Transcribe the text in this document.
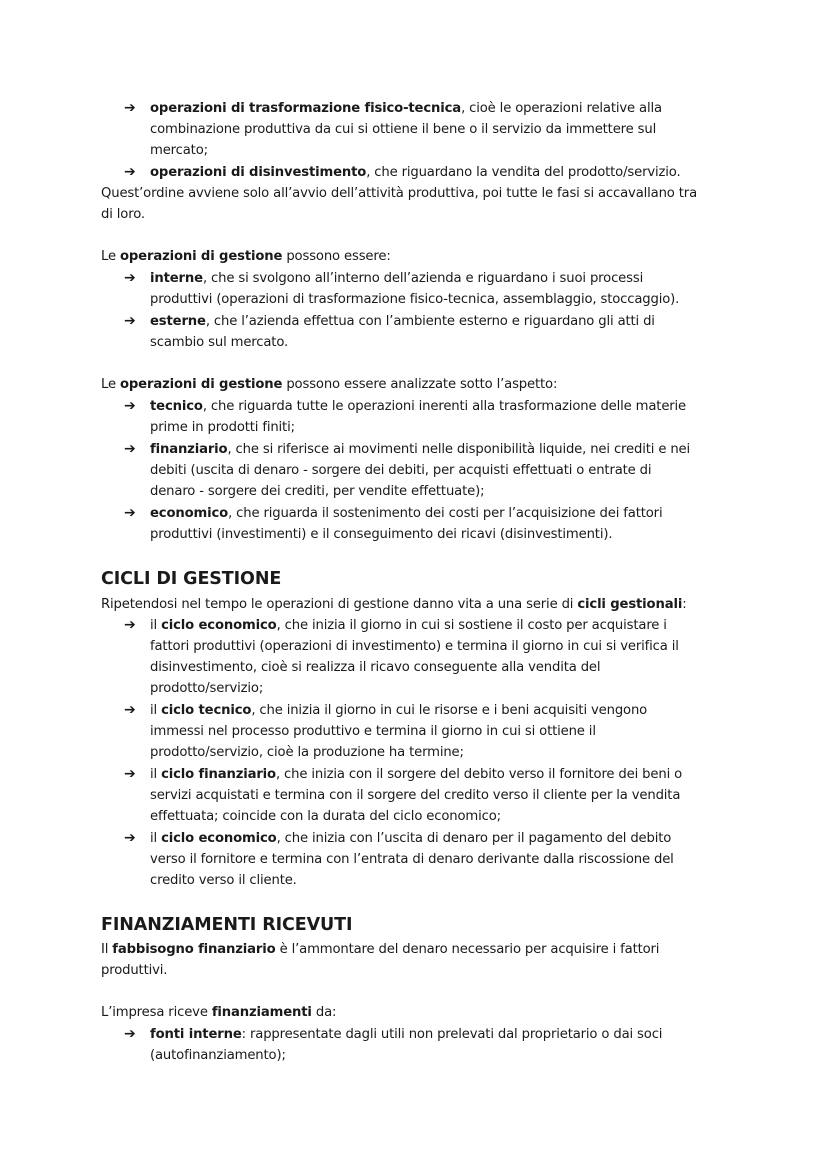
➔ operazioni di trasformazione fisico-tecnica, cioè le operazioni relative alla
combinazione produttiva da cui si ottiene il bene o il servizio da immettere sul
mercato;
➔ operazioni di disinvestimento, che riguardano la vendita del prodotto/servizio.
Quest’ordine avviene solo all’avvio dell’attività produttiva, poi tutte le fasi si accavallano tra
di loro.
Le operazioni di gestione possono essere:
➔ interne, che si svolgono all’interno dell’azienda e riguardano i suoi processi
produttivi (operazioni di trasformazione fisico-tecnica, assemblaggio, stoccaggio).
➔ esterne, che l’azienda effettua con l’ambiente esterno e riguardano gli atti di
scambio sul mercato.
Le operazioni di gestione possono essere analizzate sotto l’aspetto:
➔ tecnico, che riguarda tutte le operazioni inerenti alla trasformazione delle materie
prime in prodotti finiti;
➔ finanziario, che si riferisce ai movimenti nelle disponibilità liquide, nei crediti e nei
debiti (uscita di denaro - sorgere dei debiti, per acquisti effettuati o entrate di
denaro - sorgere dei crediti, per vendite effettuate);
➔ economico, che riguarda il sostenimento dei costi per l’acquisizione dei fattori
produttivi (investimenti) e il conseguimento dei ricavi (disinvestimenti).
CICLI DI GESTIONE
Ripetendosi nel tempo le operazioni di gestione danno vita a una serie di cicli gestionali:
➔ il ciclo economico, che inizia il giorno in cui si sostiene il costo per acquistare i
fattori produttivi (operazioni di investimento) e termina il giorno in cui si verifica il
disinvestimento, cioè si realizza il ricavo conseguente alla vendita del
prodotto/servizio;
➔ il ciclo tecnico, che inizia il giorno in cui le risorse e i beni acquisiti vengono
immessi nel processo produttivo e termina il giorno in cui si ottiene il
prodotto/servizio, cioè la produzione ha termine;
➔ il ciclo finanziario, che inizia con il sorgere del debito verso il fornitore dei beni o
servizi acquistati e termina con il sorgere del credito verso il cliente per la vendita
effettuata; coincide con la durata del ciclo economico;
➔ il ciclo economico, che inizia con l’uscita di denaro per il pagamento del debito
verso il fornitore e termina con l’entrata di denaro derivante dalla riscossione del
credito verso il cliente.
FINANZIAMENTI RICEVUTI
Il fabbisogno finanziario è l’ammontare del denaro necessario per acquisire i fattori
produttivi.
L’impresa riceve finanziamenti da:
➔ fonti interne: rappresentate dagli utili non prelevati dal proprietario o dai soci
(autofinanziamento);
